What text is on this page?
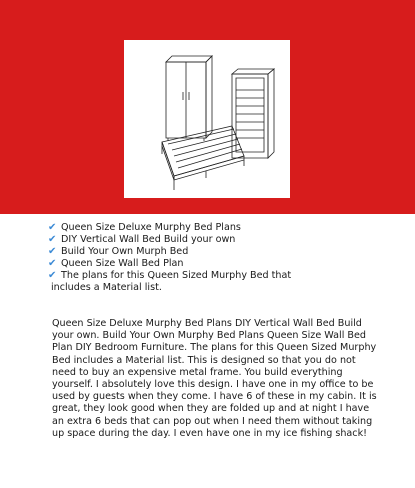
✔ Queen Size Deluxe Murphy Bed Plans
✔ DIY Vertical Wall Bed Build your own
✔ Build Your Own Murph Bed
✔ Queen Size Wall Bed Plan
✔ The plans for this Queen Sized Murphy Bed that
includes a Material list.

Queen Size Deluxe Murphy Bed Plans DIY Vertical Wall Bed Build your own. Build Your Own Murphy Bed Plans Queen Size Wall Bed Plan DIY Bedroom Furniture. The plans for this Queen Sized Murphy Bed includes a Material list. This is designed so that you do not need to buy an expensive metal frame. You build everything yourself. I absolutely love this design. I have one in my office to be used by guests when they come. I have 6 of these in my cabin. It is great, they look good when they are folded up and at night I have an extra 6 beds that can pop out when I need them without taking up space during the day. I even have one in my ice fishing shack!
